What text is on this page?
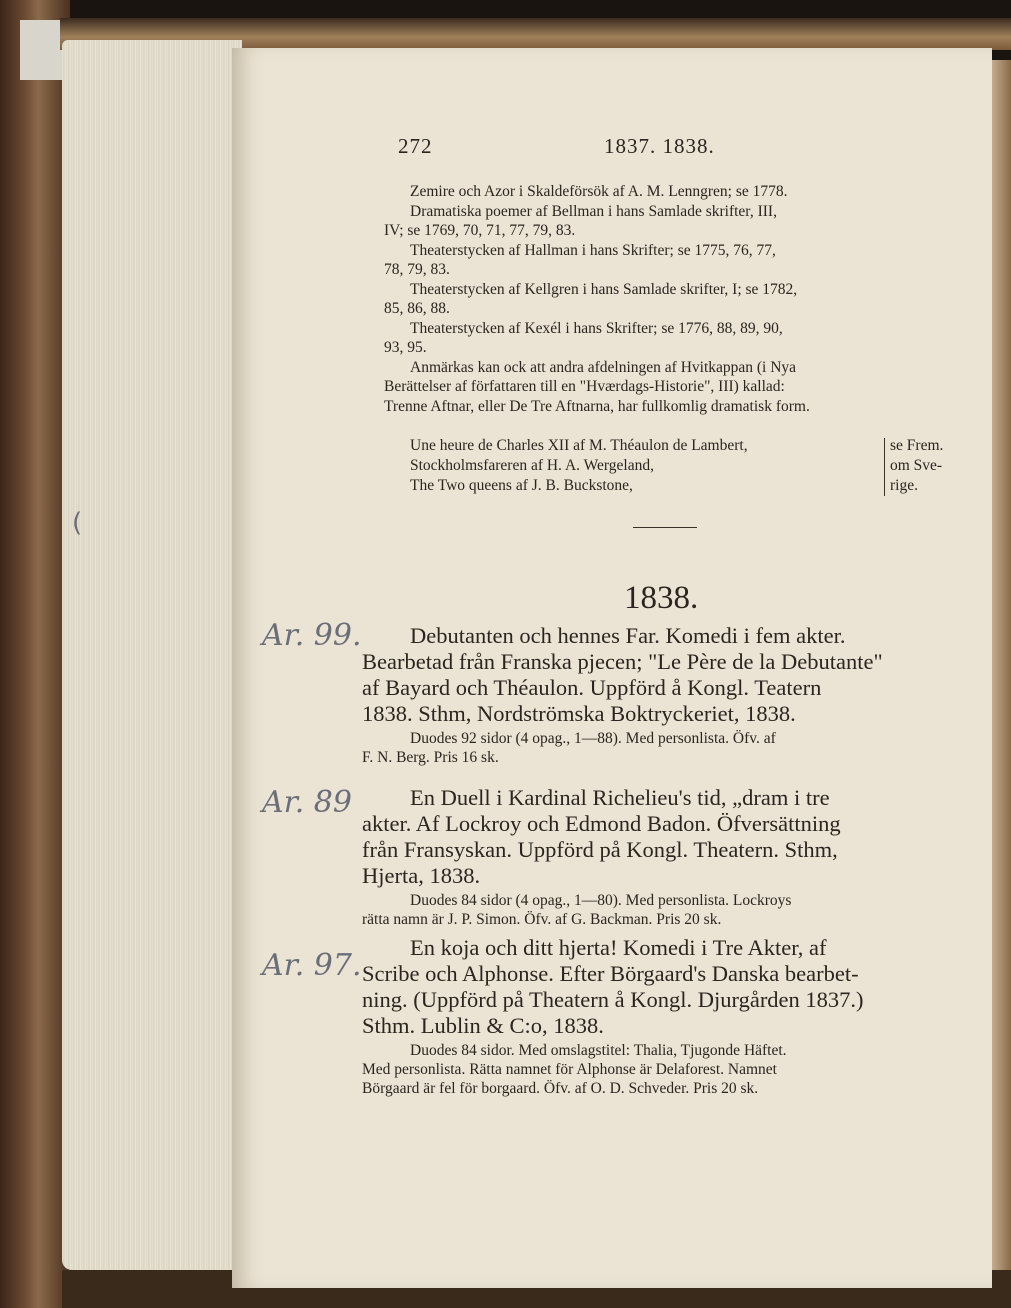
(
272	1837. 1838.
Zemire och Azor i Skaldeförsök af A. M. Lenngren; se 1778.
Dramatiska poemer af Bellman i hans Samlade skrifter, III,
IV; se 1769, 70, 71, 77, 79, 83.
Theaterstycken af Hallman i hans Skrifter; se 1775, 76, 77,
78, 79, 83.
Theaterstycken af Kellgren i hans Samlade skrifter, I; se 1782,
85, 86, 88.
Theaterstycken af Kexél i hans Skrifter; se 1776, 88, 89, 90,
93, 95.
Anmärkas kan ock att andra afdelningen af Hvitkappan (i Nya
Berättelser af författaren till en "Hværdags-Historie", III) kallad:
Trenne Aftnar, eller De Tre Aftnarna, har fullkomlig dramatisk form.
Une heure de Charles XII af M. Théaulon de Lambert,
Stockholmsfareren af H. A. Wergeland,
The Two queens af J. B. Buckstone,
se Frem.
om Sve-
rige.
1838.
Debutanten och hennes Far. Komedi i fem akter.
Bearbetad från Franska pjecen; "Le Père de la Debutante"
af Bayard och Théaulon. Uppförd å Kongl. Teatern
1838. Sthm, Nordströmska Boktryckeriet, 1838.
Duodes 92 sidor (4 opag., 1—88). Med personlista. Öfv. af
F. N. Berg. Pris 16 sk.
Ar. 99.
En Duell i Kardinal Richelieu's tid, „dram i tre
akter. Af Lockroy och Edmond Badon. Öfversättning
från Fransyskan. Uppförd på Kongl. Theatern. Sthm,
Hjerta, 1838.
Duodes 84 sidor (4 opag., 1—80). Med personlista. Lockroys
rätta namn är J. P. Simon. Öfv. af G. Backman. Pris 20 sk.
Ar. 89
En koja och ditt hjerta! Komedi i Tre Akter, af
Scribe och Alphonse. Efter Börgaard's Danska bearbet-
ning. (Uppförd på Theatern å Kongl. Djurgården 1837.)
Sthm. Lublin & C:o, 1838.
Duodes 84 sidor. Med omslagstitel: Thalia, Tjugonde Häftet.
Med personlista. Rätta namnet för Alphonse är Delaforest. Namnet
Börgaard är fel för borgaard. Öfv. af O. D. Schveder. Pris 20 sk.
Ar. 97.
